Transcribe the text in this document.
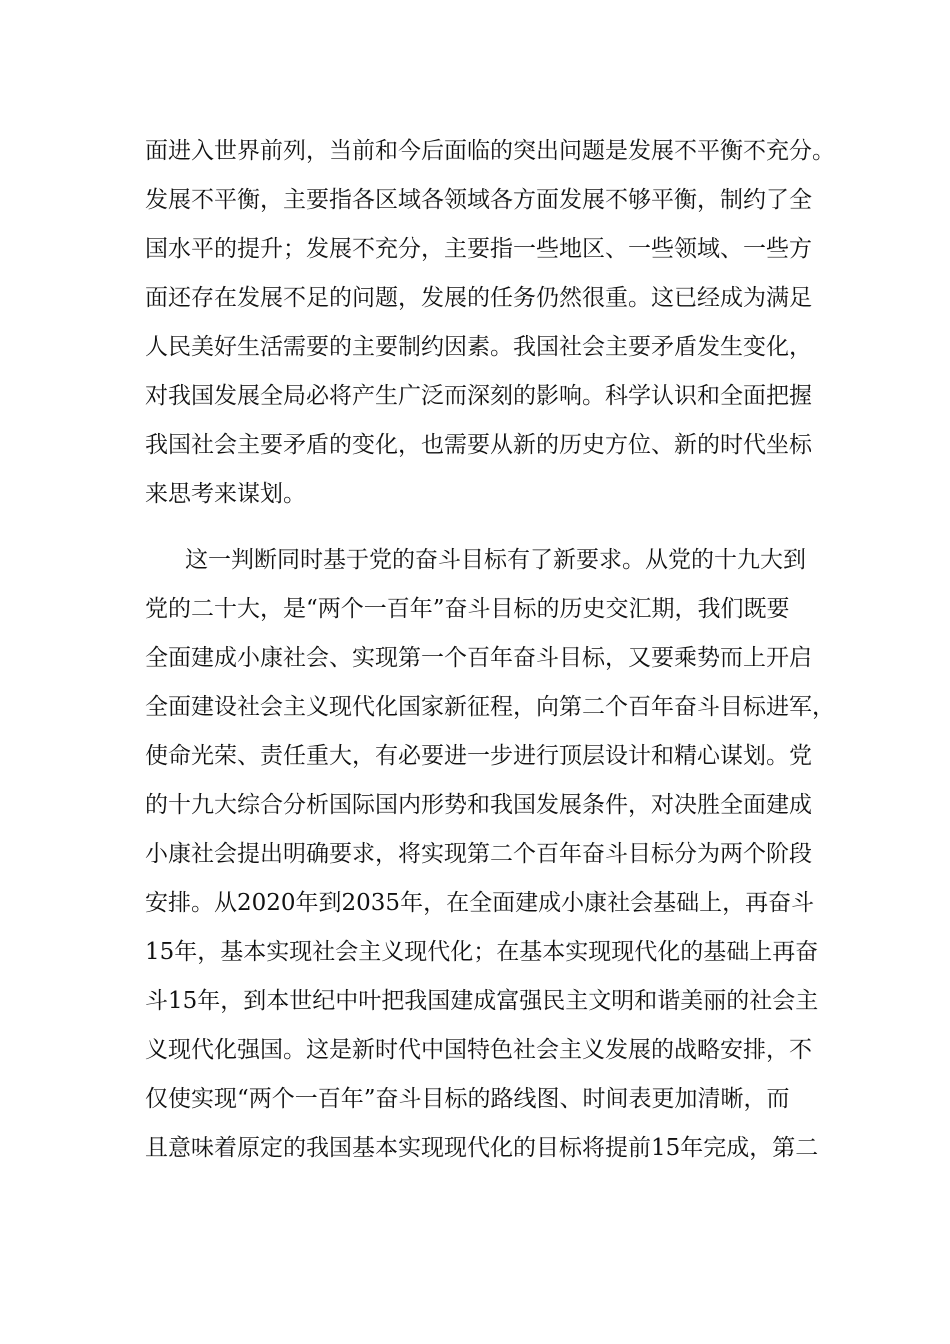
面进入世界前列，当前和今后面临的突出问题是发展不平衡不充分。
发展不平衡，主要指各区域各领域各方面发展不够平衡，制约了全
国水平的提升；发展不充分，主要指一些地区、一些领域、一些方
面还存在发展不足的问题，发展的任务仍然很重。这已经成为满足
人民美好生活需要的主要制约因素。我国社会主要矛盾发生变化，
对我国发展全局必将产生广泛而深刻的影响。科学认识和全面把握
我国社会主要矛盾的变化，也需要从新的历史方位、新的时代坐标
来思考来谋划。
这一判断同时基于党的奋斗目标有了新要求。从党的十九大到
党的二十大，是“两个一百年”奋斗目标的历史交汇期，我们既要
全面建成小康社会、实现第一个百年奋斗目标，又要乘势而上开启
全面建设社会主义现代化国家新征程，向第二个百年奋斗目标进军，
使命光荣、责任重大，有必要进一步进行顶层设计和精心谋划。党
的十九大综合分析国际国内形势和我国发展条件，对决胜全面建成
小康社会提出明确要求，将实现第二个百年奋斗目标分为两个阶段
安排。从2020年到2035年，在全面建成小康社会基础上，再奋斗
15年，基本实现社会主义现代化；在基本实现现代化的基础上再奋
斗15年，到本世纪中叶把我国建成富强民主文明和谐美丽的社会主
义现代化强国。这是新时代中国特色社会主义发展的战略安排，不
仅使实现“两个一百年”奋斗目标的路线图、时间表更加清晰，而
且意味着原定的我国基本实现现代化的目标将提前15年完成，第二
